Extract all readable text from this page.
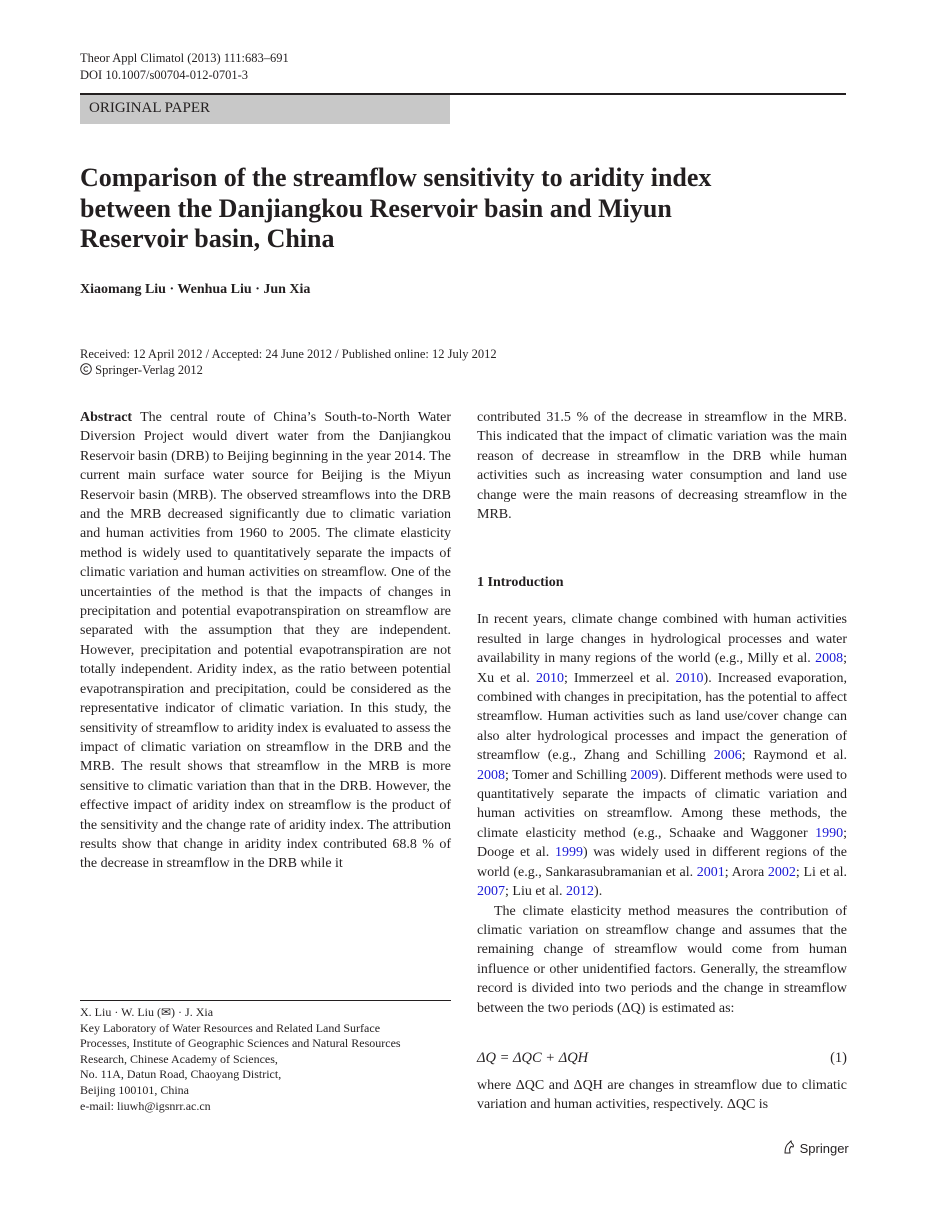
Theor Appl Climatol (2013) 111:683–691
DOI 10.1007/s00704-012-0701-3
ORIGINAL PAPER
Comparison of the streamflow sensitivity to aridity index
between the Danjiangkou Reservoir basin and Miyun
Reservoir basin, China
Xiaomang Liu · Wenhua Liu · Jun Xia
Received: 12 April 2012 / Accepted: 24 June 2012 / Published online: 12 July 2012
Springer-Verlag 2012

Abstract The central route of China’s South-to-North Water Diversion Project would divert water from the Danjiangkou Reservoir basin (DRB) to Beijing beginning in the year 2014. The current main surface water source for Beijing is the Miyun Reservoir basin (MRB). The observed streamflows into the DRB and the MRB decreased significantly due to climatic variation and human activities from 1960 to 2005. The climate elasticity method is widely used to quantitatively separate the impacts of climatic variation and human activities on streamflow. One of the uncertainties of the method is that the impacts of changes in precipitation and potential evapotranspiration on streamflow are separated with the assumption that they are independent. However, precipitation and potential evapotranspiration are not totally independent. Aridity index, as the ratio between potential evapotranspiration and precipitation, could be considered as the representative indicator of climatic variation. In this study, the sensitivity of streamflow to aridity index is evaluated to assess the impact of climatic variation on streamflow in the DRB and the MRB. The result shows that streamflow in the MRB is more sensitive to climatic variation than that in the DRB. However, the effective impact of aridity index on streamflow is the product of the sensitivity and the change rate of aridity index. The attribution results show that change in aridity index contributed 68.8 % of the decrease in streamflow in the DRB while it

X. Liu · W. Liu (✉) · J. Xia
Key Laboratory of Water Resources and Related Land Surface
Processes, Institute of Geographic Sciences and Natural Resources
Research, Chinese Academy of Sciences,
No. 11A, Datun Road, Chaoyang District,
Beijing 100101, China
e-mail: liuwh@igsnrr.ac.cn

contributed 31.5 % of the decrease in streamflow in the MRB. This indicated that the impact of climatic variation was the main reason of decrease in streamflow in the DRB while human activities such as increasing water consumption and land use change were the main reasons of decreasing streamflow in the MRB.

1 Introduction

In recent years, climate change combined with human activities resulted in large changes in hydrological processes and water availability in many regions of the world (e.g., Milly et al. 2008; Xu et al. 2010; Immerzeel et al. 2010). Increased evaporation, combined with changes in precipitation, has the potential to affect streamflow. Human activities such as land use/cover change can also alter hydrological processes and impact the generation of streamflow (e.g., Zhang and Schilling 2006; Raymond et al. 2008; Tomer and Schilling 2009). Different methods were used to quantitatively separate the impacts of climatic variation and human activities on streamflow. Among these methods, the climate elasticity method (e.g., Schaake and Waggoner 1990; Dooge et al. 1999) was widely used in different regions of the world (e.g., Sankarasubramanian et al. 2001; Arora 2002; Li et al. 2007; Liu et al. 2012).

The climate elasticity method measures the contribution of climatic variation on streamflow change and assumes that the remaining change of streamflow would come from human influence or other unidentified factors. Generally, the streamflow record is divided into two periods and the change in streamflow between the two periods (ΔQ) is estimated as:

ΔQ = ΔQC + ΔQH	(1)

where ΔQC and ΔQH are changes in streamflow due to climatic variation and human activities, respectively. ΔQC is

Springer
